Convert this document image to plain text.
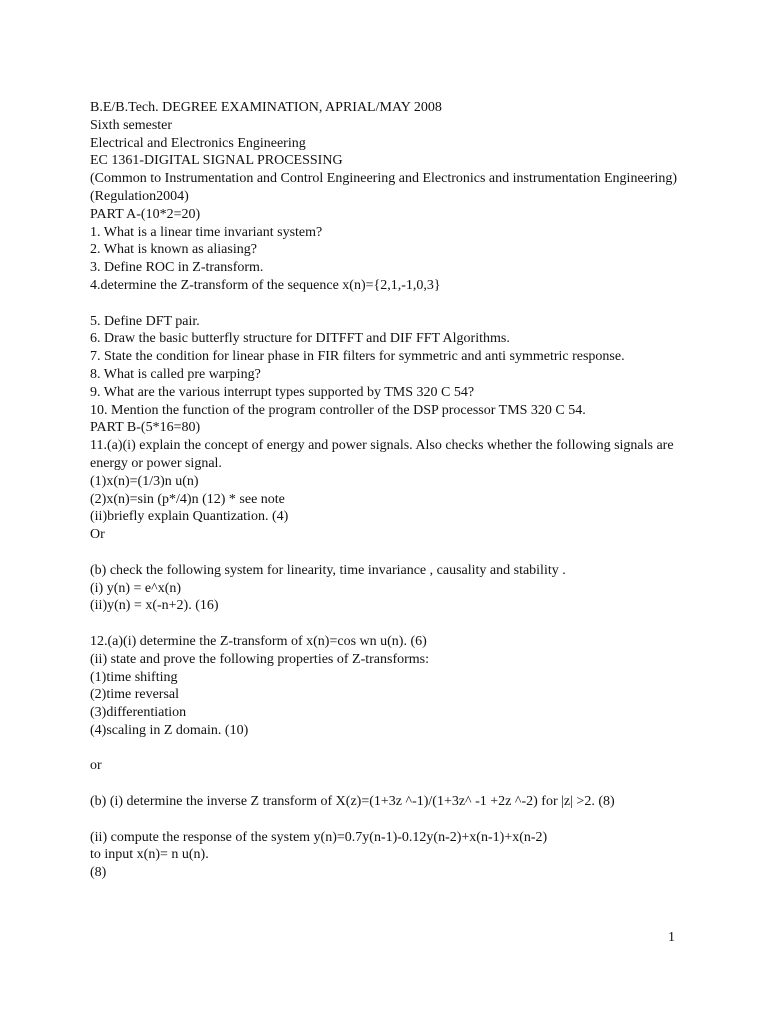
B.E/B.Tech. DEGREE EXAMINATION, APRIAL/MAY 2008
Sixth semester
Electrical and Electronics Engineering
EC 1361-DIGITAL SIGNAL PROCESSING
(Common to Instrumentation and Control Engineering and Electronics and instrumentation Engineering)
(Regulation2004)
PART A-(10*2=20)
1. What is a linear time invariant system?
2. What is known as aliasing?
3. Define ROC in Z-transform.
4.determine the Z-transform of the sequence x(n)={2,1,-1,0,3}
5. Define DFT pair.
6. Draw the basic butterfly structure for DITFFT and DIF FFT Algorithms.
7. State the condition for linear phase in FIR filters for symmetric and anti symmetric response.
8. What is called pre warping?
9. What are the various interrupt types supported by TMS 320 C 54?
10. Mention the function of the program controller of the DSP processor TMS 320 C 54.
PART B-(5*16=80)
11.(a)(i) explain the concept of energy and power signals. Also checks whether the following signals are energy or power signal.
(1)x(n)=(1/3)n u(n)
(2)x(n)=sin (p*/4)n (12) * see note
(ii)briefly explain Quantization. (4)
Or
(b) check the following system for linearity, time invariance , causality and stability .
(i) y(n) = e^x(n)
(ii)y(n) = x(-n+2). (16)
12.(a)(i) determine the Z-transform of x(n)=cos wn u(n). (6)
(ii) state and prove the following properties of Z-transforms:
(1)time shifting
(2)time reversal
(3)differentiation
(4)scaling in Z domain. (10)
or
(b) (i) determine the inverse Z transform of X(z)=(1+3z ^-1)/(1+3z^ -1 +2z ^-2) for |z| >2. (8)
(ii) compute the response of the system y(n)=0.7y(n-1)-0.12y(n-2)+x(n-1)+x(n-2)
to input x(n)= n u(n).
(8)
1
